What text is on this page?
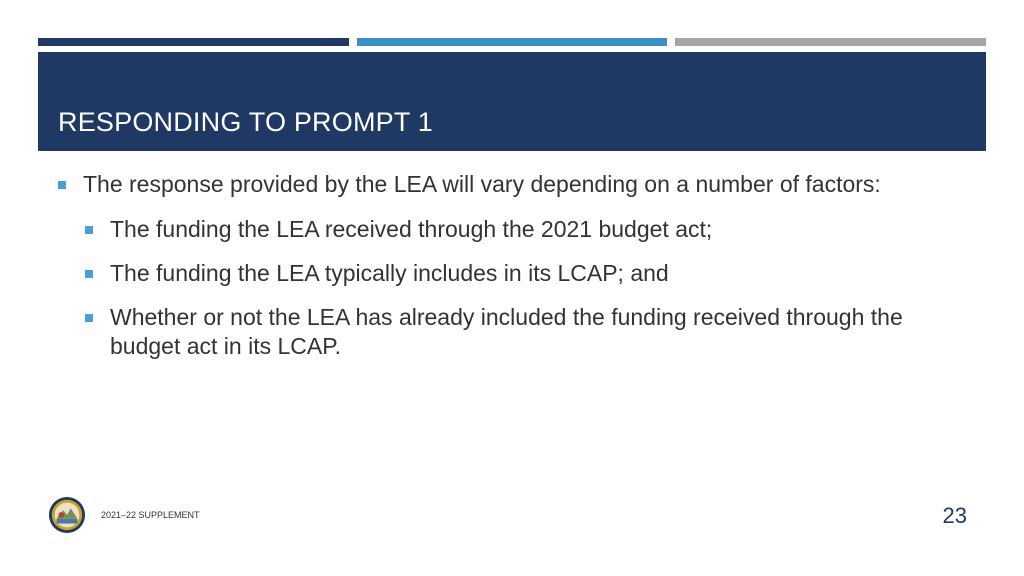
RESPONDING TO PROMPT 1
The response provided by the LEA will vary depending on a number of factors:
The funding the LEA received through the 2021 budget act;
The funding the LEA typically includes in its LCAP; and
Whether or not the LEA has already included the funding received through the budget act in its LCAP.
2021–22 SUPPLEMENT	23
